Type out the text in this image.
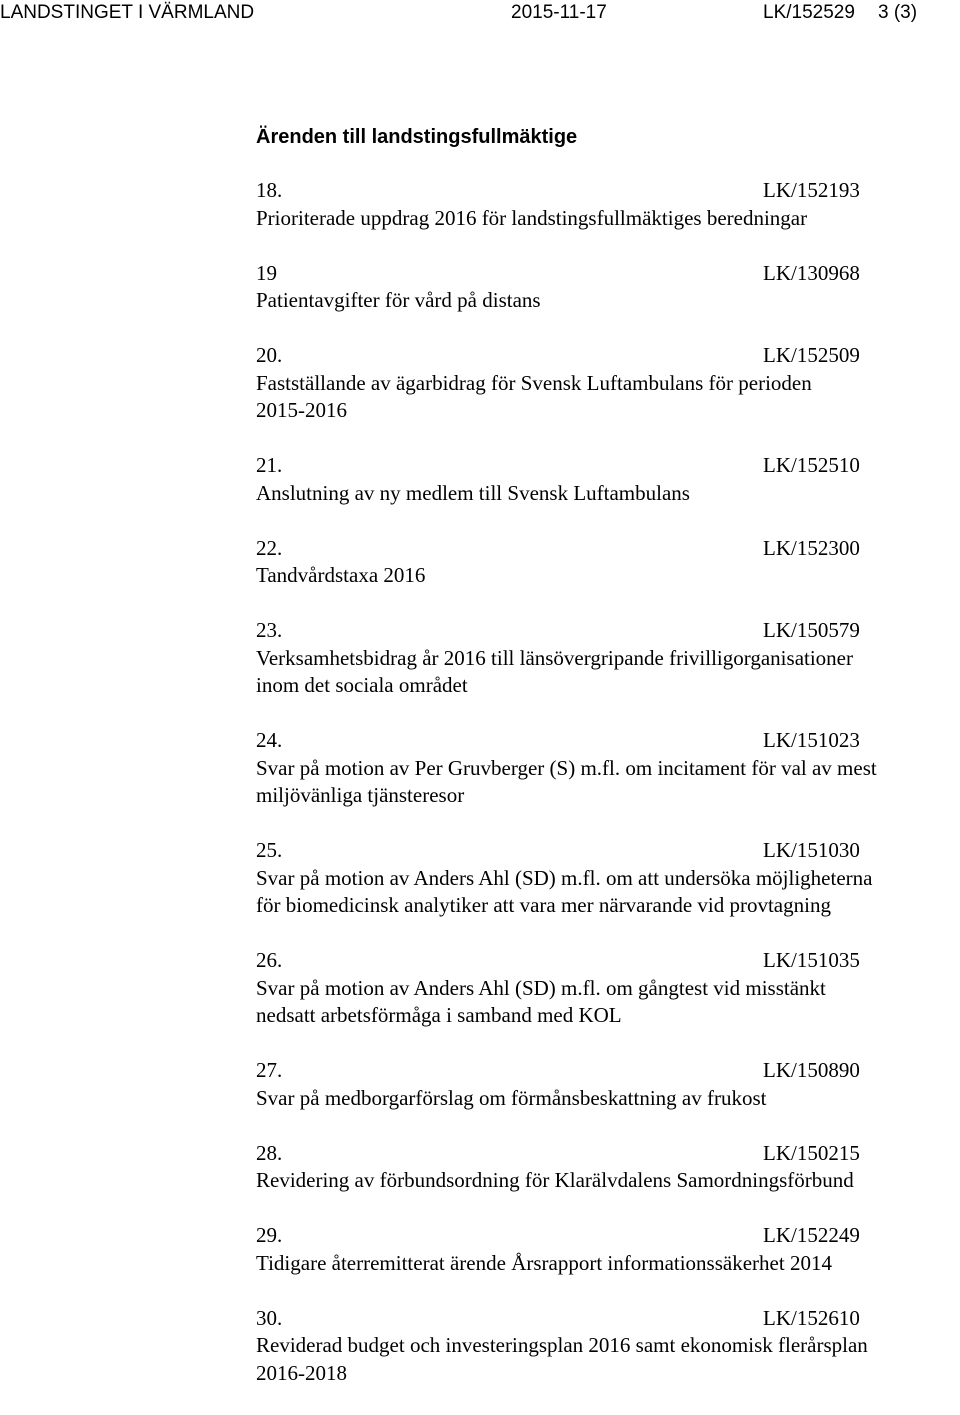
LANDSTINGET I VÄRMLAND	2015-11-17	LK/152529 3 (3)
Ärenden till landstingsfullmäktige
18.	LK/152193
Prioriterade uppdrag 2016 för landstingsfullmäktiges beredningar
19	LK/130968
Patientavgifter för vård på distans
20.	LK/152509
Fastställande av ägarbidrag för Svensk Luftambulans för perioden
2015-2016
21.	LK/152510
Anslutning av ny medlem till Svensk Luftambulans
22.	LK/152300
Tandvårdstaxa 2016
23.	LK/150579
Verksamhetsbidrag år 2016 till länsövergripande frivilligorganisationer
inom det sociala området
24.	LK/151023
Svar på motion av Per Gruvberger (S) m.fl. om incitament för val av mest
miljövänliga tjänsteresor
25.	LK/151030
Svar på motion av Anders Ahl (SD) m.fl. om att undersöka möjligheterna
för biomedicinsk analytiker att vara mer närvarande vid provtagning
26.	LK/151035
Svar på motion av Anders Ahl (SD) m.fl. om gångtest vid misstänkt
nedsatt arbetsförmåga i samband med KOL
27.	LK/150890
Svar på medborgarförslag om förmånsbeskattning av frukost
28.	LK/150215
Revidering av förbundsordning för Klarälvdalens Samordningsförbund
29.	LK/152249
Tidigare återremitterat ärende Årsrapport informationssäkerhet 2014
30.	LK/152610
Reviderad budget och investeringsplan 2016 samt ekonomisk flerårsplan
2016-2018
